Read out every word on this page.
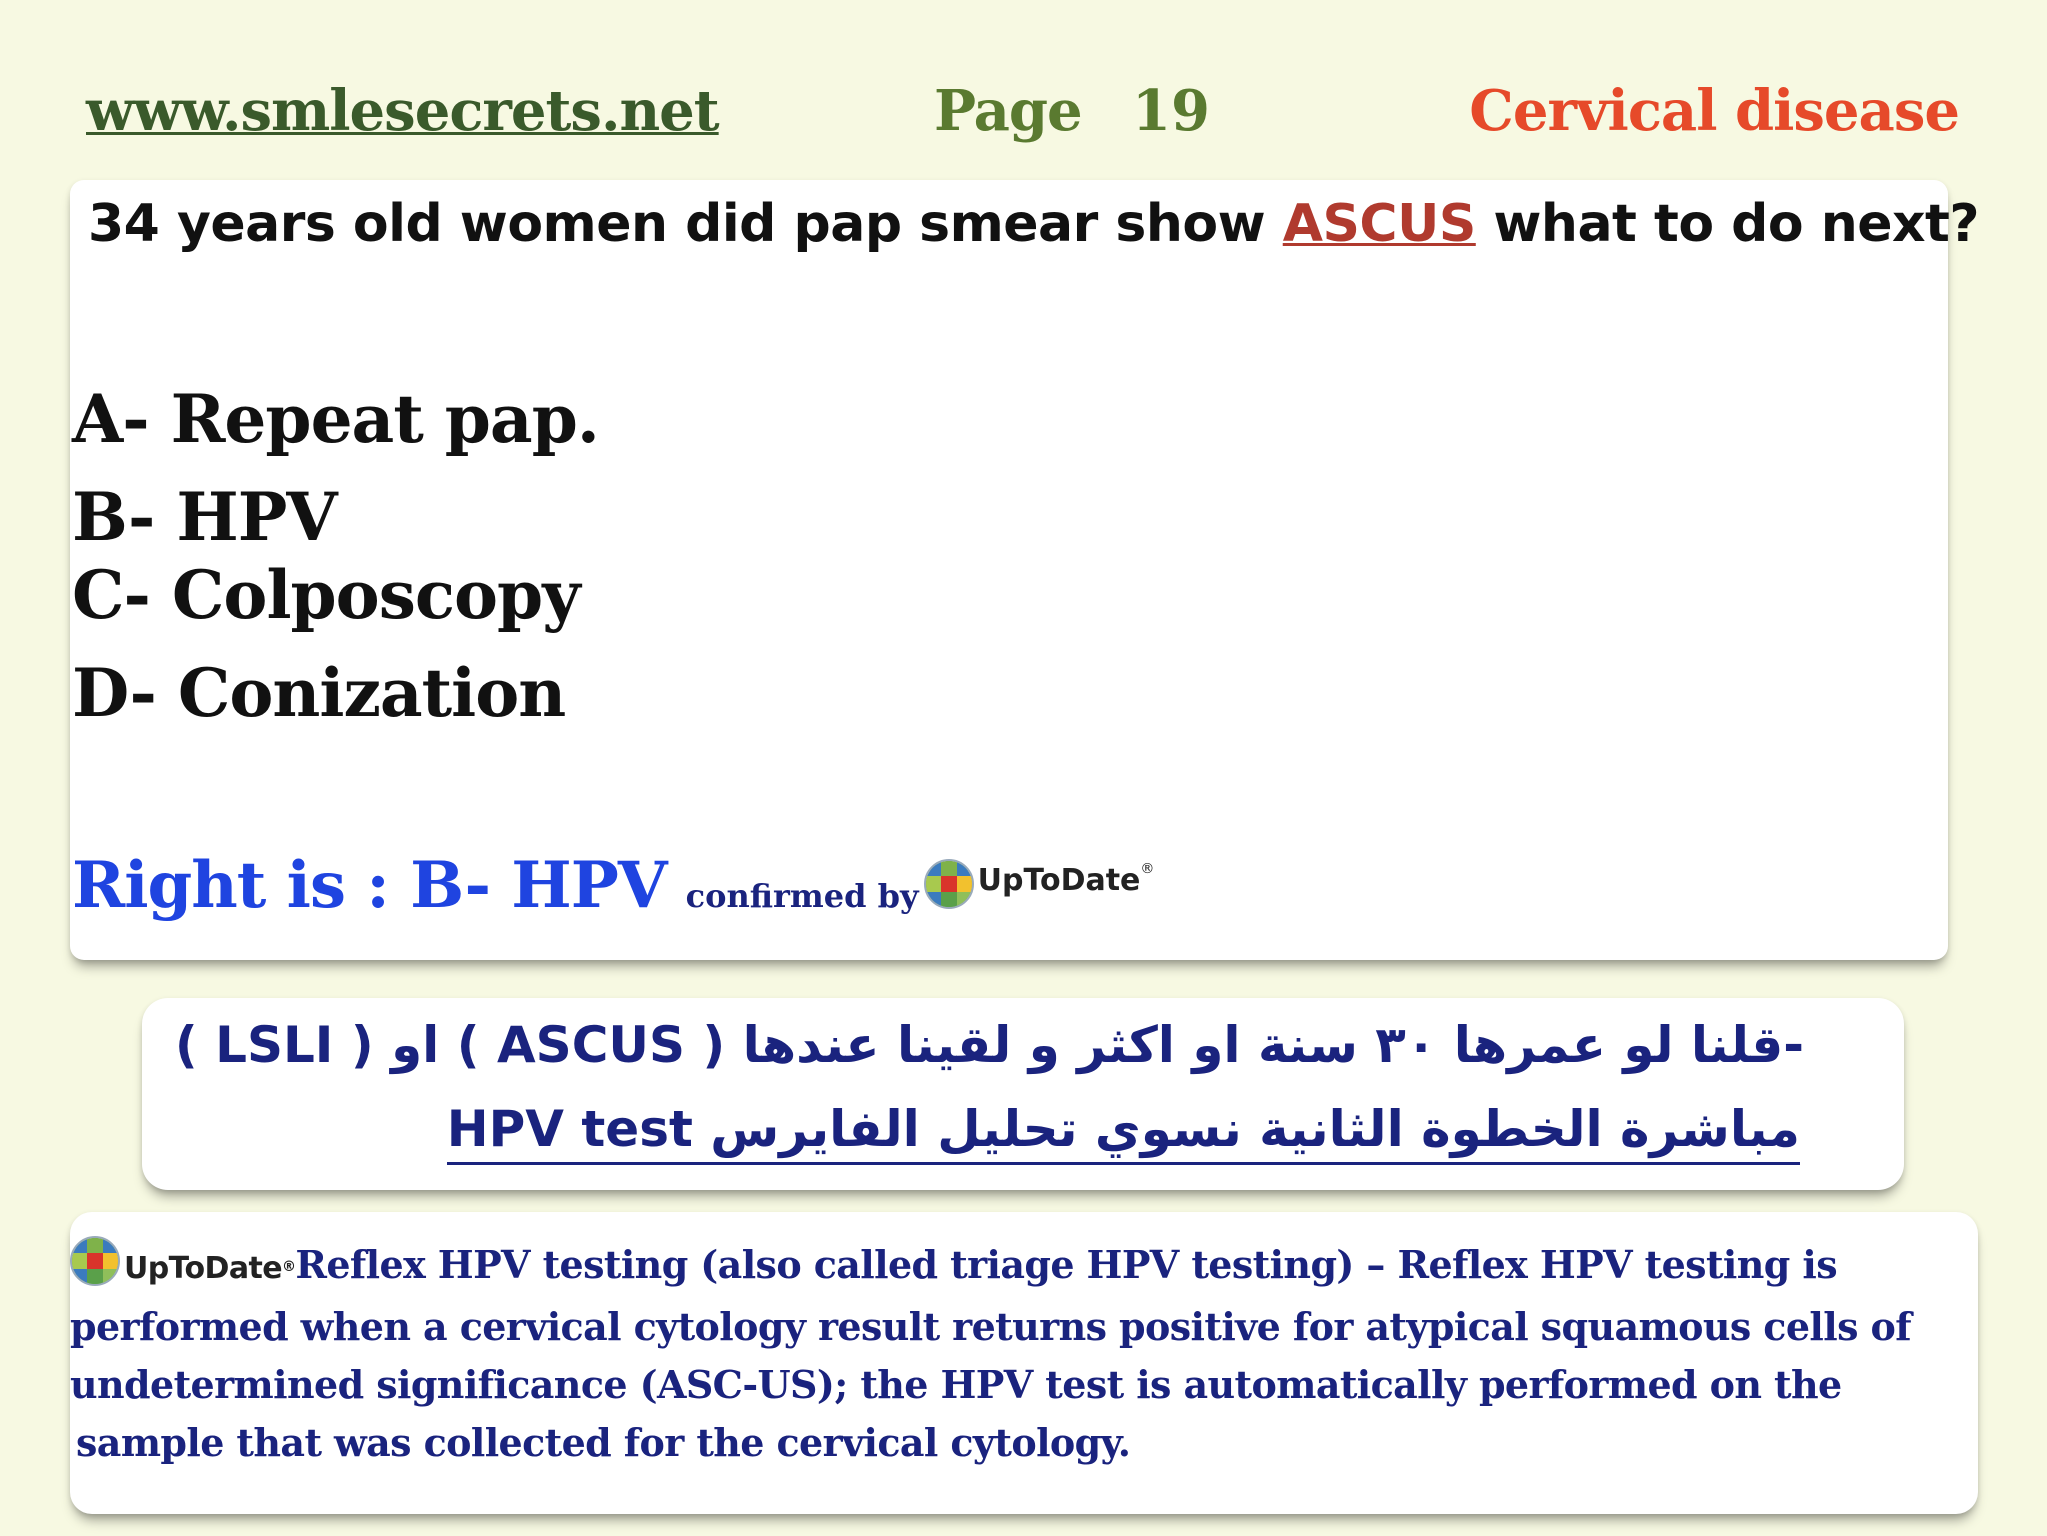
www.smlesecrets.net	Page 19	Cervical disease
34 years old women did pap smear show ASCUS what to do next?
A- Repeat pap.
B- HPV
C- Colposcopy
D- Conization
Right is : B- HPV confirmed by UpToDate ®
-قلنا لو عمرها ٣٠ سنة او اكثر و لقينا عندها ( ASCUS ) او ( LSLI )
مباشرة الخطوة الثانية نسوي تحليل الفايرس HPV test
UpToDate ® Reflex HPV testing (also called triage HPV testing) – Reflex HPV testing is
performed when a cervical cytology result returns positive for atypical squamous cells of
undetermined significance (ASC-US); the HPV test is automatically performed on the
sample that was collected for the cervical cytology.
